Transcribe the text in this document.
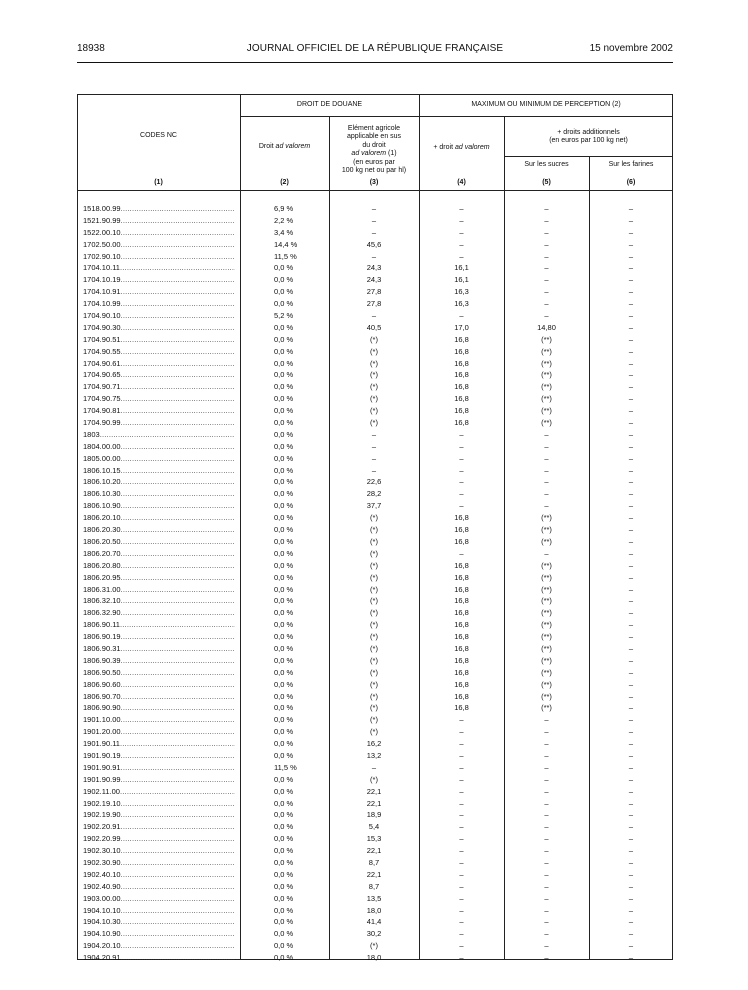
18938	JOURNAL OFFICIEL DE LA RÉPUBLIQUE FRANÇAISE	15 novembre 2002
CODES NC
DROIT DE DOUANE	MAXIMUM OU MINIMUM DE PERCEPTION (2)
Droit ad valorem
Elément agricole
applicable en sus
du droit
ad valorem (1)
(en euros par
100 kg net ou par hl)
+ droit ad valorem
+ droits additionnels
(en euros par 100 kg net)
Sur les sucres	Sur les farines
(1)	(2)	(3)	(4)	(5)	(6)
1518.00.99 .....	6,9 %	–	–	–	–
1521.90.99 .....	2,2 %	–	–	–	–
1522.00.10 .....	3,4 %	–	–	–	–
1702.50.00 .....	14,4 %	45,6	–	–	–
1702.90.10 .....	11,5 %	–	–	–	–
1704.10.11 .....	0,0 %	24,3	16,1	–	–
1704.10.19 .....	0,0 %	24,3	16,1	–	–
1704.10.91 .....	0,0 %	27,8	16,3	–	–
1704.10.99 .....	0,0 %	27,8	16,3	–	–
1704.90.10 .....	5,2 %	–	–	–	–
1704.90.30 .....	0,0 %	40,5	17,0	14,80	–
1704.90.51 .....	0,0 %	(*)	16,8	(**)	–
1704.90.55 .....	0,0 %	(*)	16,8	(**)	–
1704.90.61 .....	0,0 %	(*)	16,8	(**)	–
1704.90.65 .....	0,0 %	(*)	16,8	(**)	–
1704.90.71 .....	0,0 %	(*)	16,8	(**)	–
1704.90.75 .....	0,0 %	(*)	16,8	(**)	–
1704.90.81 .....	0,0 %	(*)	16,8	(**)	–
1704.90.99 .....	0,0 %	(*)	16,8	(**)	–
1803 .....	0,0 %	–	–	–	–
1804.00.00 .....	0,0 %	–	–	–	–
1805.00.00 .....	0,0 %	–	–	–	–
1806.10.15 .....	0,0 %	–	–	–	–
1806.10.20 .....	0,0 %	22,6	–	–	–
1806.10.30 .....	0,0 %	28,2	–	–	–
1806.10.90 .....	0,0 %	37,7	–	–	–
1806.20.10 .....	0,0 %	(*)	16,8	(**)	–
1806.20.30 .....	0,0 %	(*)	16,8	(**)	–
1806.20.50 .....	0,0 %	(*)	16,8	(**)	–
1806.20.70 .....	0,0 %	(*)	–	–	–
1806.20.80 .....	0,0 %	(*)	16,8	(**)	–
1806.20.95 .....	0,0 %	(*)	16,8	(**)	–
1806.31.00 .....	0,0 %	(*)	16,8	(**)	–
1806.32.10 .....	0,0 %	(*)	16,8	(**)	–
1806.32.90 .....	0,0 %	(*)	16,8	(**)	–
1806.90.11 .....	0,0 %	(*)	16,8	(**)	–
1806.90.19 .....	0,0 %	(*)	16,8	(**)	–
1806.90.31 .....	0,0 %	(*)	16,8	(**)	–
1806.90.39 .....	0,0 %	(*)	16,8	(**)	–
1806.90.50 .....	0,0 %	(*)	16,8	(**)	–
1806.90.60 .....	0,0 %	(*)	16,8	(**)	–
1806.90.70 .....	0,0 %	(*)	16,8	(**)	–
1806.90.90 .....	0,0 %	(*)	16,8	(**)	–
1901.10.00 .....	0,0 %	(*)	–	–	–
1901.20.00 .....	0,0 %	(*)	–	–	–
1901.90.11 .....	0,0 %	16,2	–	–	–
1901.90.19 .....	0,0 %	13,2	–	–	–
1901.90.91 .....	11,5 %	–	–	–	–
1901.90.99 .....	0,0 %	(*)	–	–	–
1902.11.00 .....	0,0 %	22,1	–	–	–
1902.19.10 .....	0,0 %	22,1	–	–	–
1902.19.90 .....	0,0 %	18,9	–	–	–
1902.20.91 .....	0,0 %	5,4	–	–	–
1902.20.99 .....	0,0 %	15,3	–	–	–
1902.30.10 .....	0,0 %	22,1	–	–	–
1902.30.90 .....	0,0 %	8,7	–	–	–
1902.40.10 .....	0,0 %	22,1	–	–	–
1902.40.90 .....	0,0 %	8,7	–	–	–
1903.00.00 .....	0,0 %	13,5	–	–	–
1904.10.10 .....	0,0 %	18,0	–	–	–
1904.10.30 .....	0,0 %	41,4	–	–	–
1904.10.90 .....	0,0 %	30,2	–	–	–
1904.20.10 .....	0,0 %	(*)	–	–	–
1904.20.91 .....	0,0 %	18,0	–	–	–
